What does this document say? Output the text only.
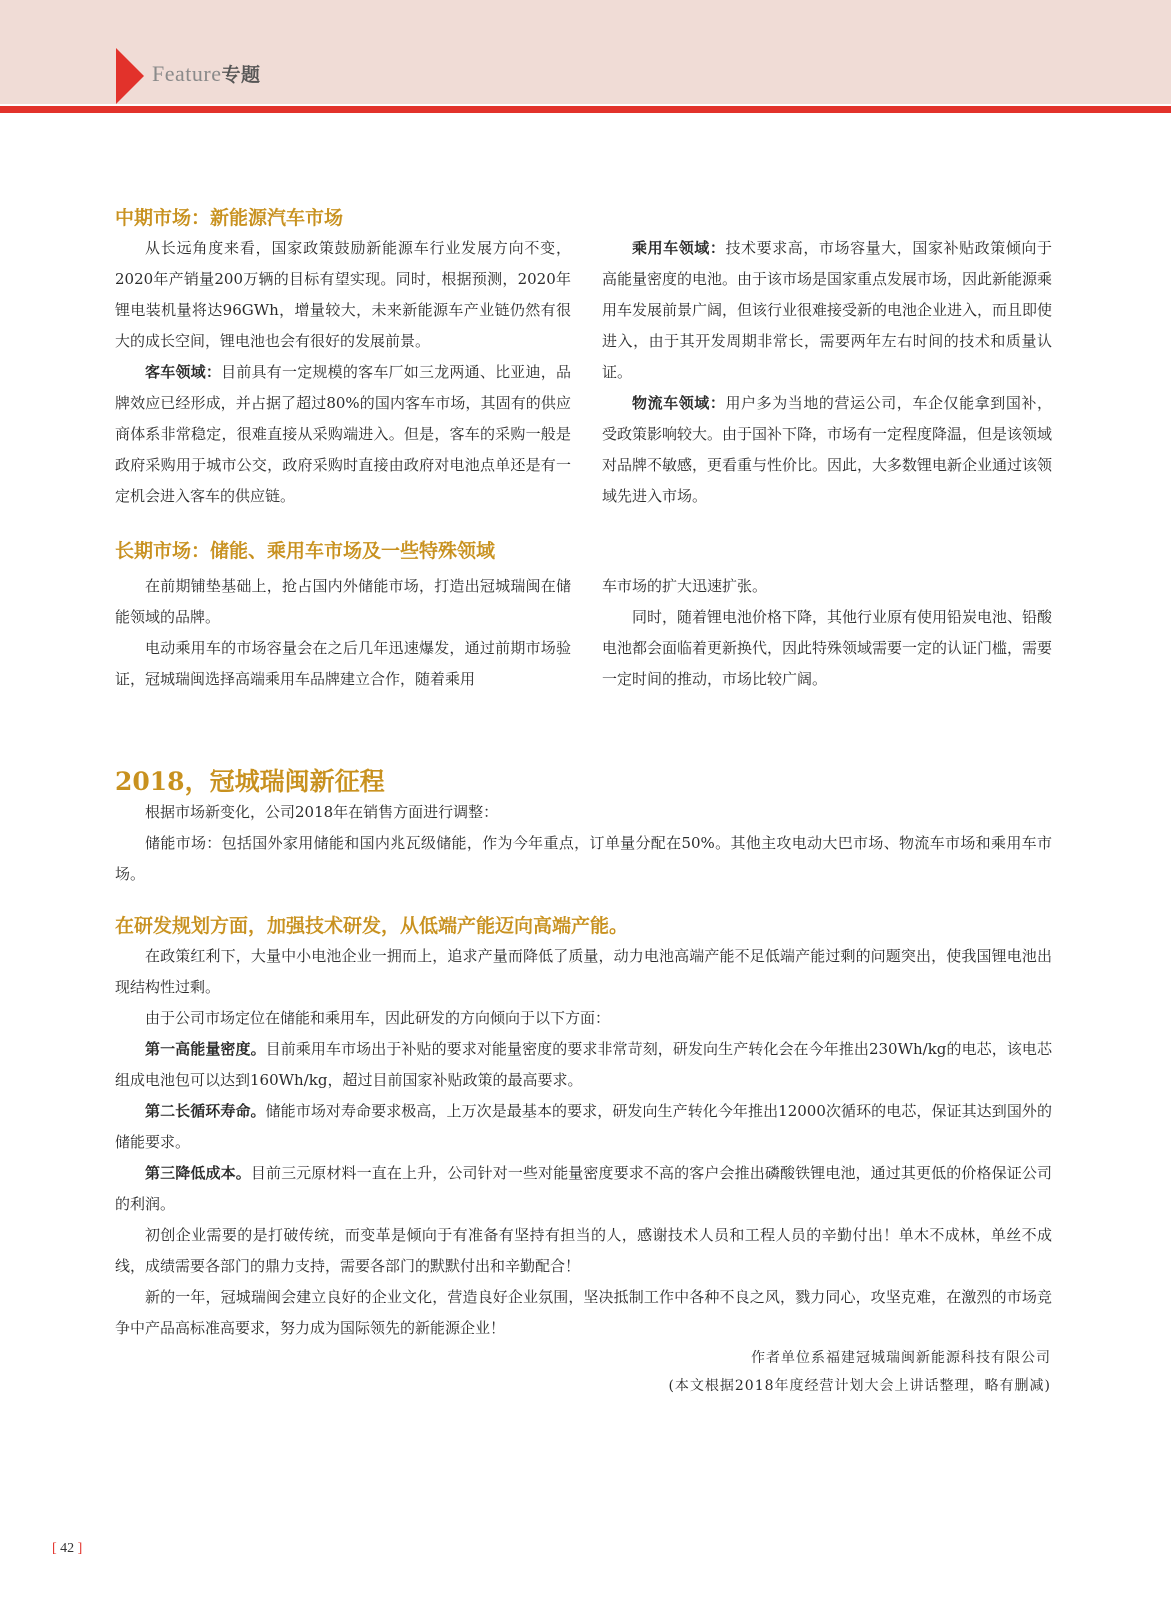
Feature专题
中期市场：新能源汽车市场

从长远角度来看，国家政策鼓励新能源车行业发展方向不变，2020年产销量200万辆的目标有望实现。同时，根据预测，2020年锂电装机量将达96GWh，增量较大，未来新能源车产业链仍然有很大的成长空间，锂电池也会有很好的发展前景。

客车领域：目前具有一定规模的客车厂如三龙两通、比亚迪，品牌效应已经形成，并占据了超过80%的国内客车市场，其固有的供应商体系非常稳定，很难直接从采购端进入。但是，客车的采购一般是政府采购用于城市公交，政府采购时直接由政府对电池点单还是有一定机会进入客车的供应链。

乘用车领域：技术要求高，市场容量大，国家补贴政策倾向于高能量密度的电池。由于该市场是国家重点发展市场，因此新能源乘用车发展前景广阔，但该行业很难接受新的电池企业进入，而且即使进入，由于其开发周期非常长，需要两年左右时间的技术和质量认证。

物流车领域：用户多为当地的营运公司，车企仅能拿到国补，受政策影响较大。由于国补下降，市场有一定程度降温，但是该领域对品牌不敏感，更看重与性价比。因此，大多数锂电新企业通过该领域先进入市场。

长期市场：储能、乘用车市场及一些特殊领域

在前期铺垫基础上，抢占国内外储能市场，打造出冠城瑞闽在储能领域的品牌。

电动乘用车的市场容量会在之后几年迅速爆发，通过前期市场验证，冠城瑞闽选择高端乘用车品牌建立合作，随着乘用

车市场的扩大迅速扩张。

同时，随着锂电池价格下降，其他行业原有使用铅炭电池、铅酸电池都会面临着更新换代，因此特殊领域需要一定的认证门槛，需要一定时间的推动，市场比较广阔。

2018，冠城瑞闽新征程

根据市场新变化，公司2018年在销售方面进行调整：

储能市场：包括国外家用储能和国内兆瓦级储能，作为今年重点，订单量分配在50%。其他主攻电动大巴市场、物流车市场和乘用车市场。

在研发规划方面，加强技术研发，从低端产能迈向高端产能。

在政策红利下，大量中小电池企业一拥而上，追求产量而降低了质量，动力电池高端产能不足低端产能过剩的问题突出，使我国锂电池出现结构性过剩。

由于公司市场定位在储能和乘用车，因此研发的方向倾向于以下方面：

第一高能量密度。目前乘用车市场出于补贴的要求对能量密度的要求非常苛刻，研发向生产转化会在今年推出230Wh/kg的电芯，该电芯组成电池包可以达到160Wh/kg，超过目前国家补贴政策的最高要求。

第二长循环寿命。储能市场对寿命要求极高，上万次是最基本的要求，研发向生产转化今年推出12000次循环的电芯，保证其达到国外的储能要求。

第三降低成本。目前三元原材料一直在上升，公司针对一些对能量密度要求不高的客户会推出磷酸铁锂电池，通过其更低的价格保证公司的利润。

初创企业需要的是打破传统，而变革是倾向于有准备有坚持有担当的人，感谢技术人员和工程人员的辛勤付出！单木不成林，单丝不成线，成绩需要各部门的鼎力支持，需要各部门的默默付出和辛勤配合！

新的一年，冠城瑞闽会建立良好的企业文化，营造良好企业氛围，坚决抵制工作中各种不良之风，戮力同心，攻坚克难，在激烈的市场竞争中产品高标准高要求，努力成为国际领先的新能源企业！

作者单位系福建冠城瑞闽新能源科技有限公司
(本文根据2018年度经营计划大会上讲话整理，略有删减)
[ 42 ]
